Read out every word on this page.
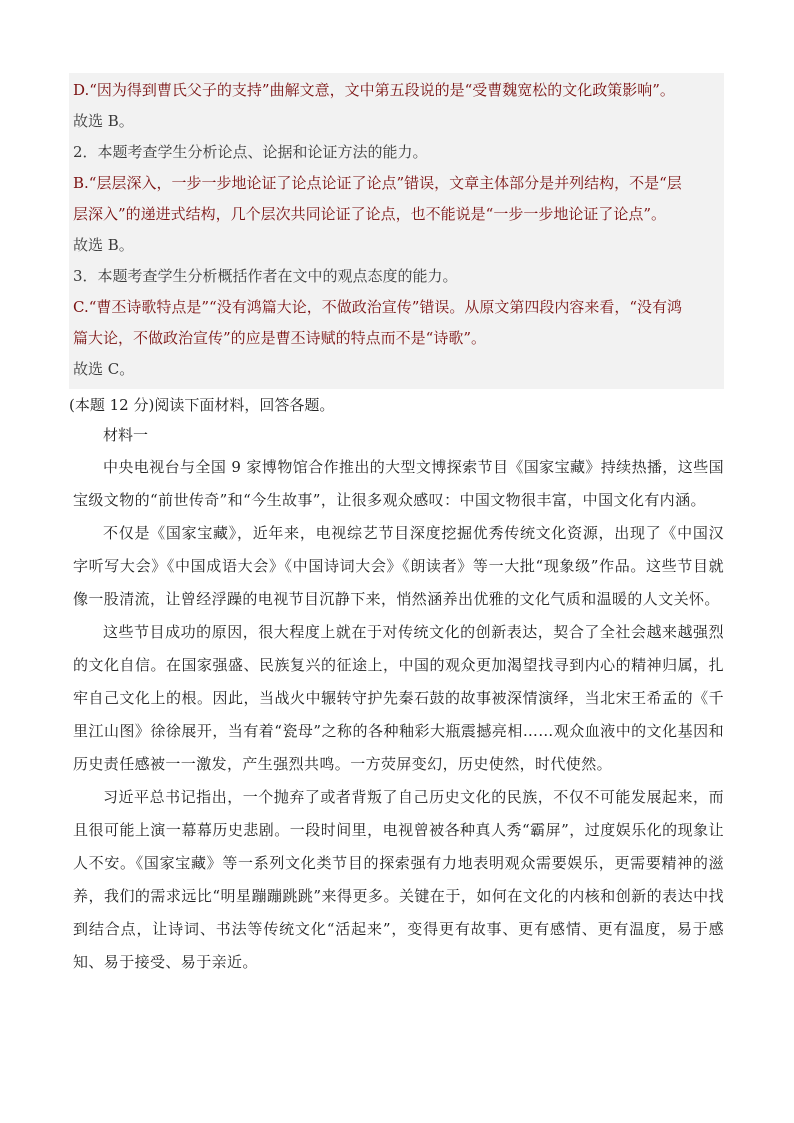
D.“因为得到曹氏父子的支持”曲解文意，文中第五段说的是“受曹魏宽松的文化政策影响”。
故选 B。
2．本题考查学生分析论点、论据和论证方法的能力。
B.“层层深入，一步一步地论证了论点论证了论点”错误，文章主体部分是并列结构，不是“层
层深入”的递进式结构，几个层次共同论证了论点，也不能说是“一步一步地论证了论点”。
故选 B。
3．本题考查学生分析概括作者在文中的观点态度的能力。
C.“曹丕诗歌特点是”“没有鸿篇大论，不做政治宣传”错误。从原文第四段内容来看，“没有鸿
篇大论，不做政治宣传”的应是曹丕诗赋的特点而不是“诗歌”。
故选 C。
(本题 12 分)阅读下面材料，回答各题。
材料一

中央电视台与全国 9 家博物馆合作推出的大型文博探索节目《国家宝藏》持续热播，这些国宝级文物的“前世传奇”和“今生故事”，让很多观众感叹：中国文物很丰富，中国文化有内涵。

不仅是《国家宝藏》，近年来，电视综艺节目深度挖掘优秀传统文化资源，出现了《中国汉字听写大会》《中国成语大会》《中国诗词大会》《朗读者》等一大批“现象级”作品。这些节目就像一股清流，让曾经浮躁的电视节目沉静下来，悄然涵养出优雅的文化气质和温暖的人文关怀。

这些节目成功的原因，很大程度上就在于对传统文化的创新表达，契合了全社会越来越强烈的文化自信。在国家强盛、民族复兴的征途上，中国的观众更加渴望找寻到内心的精神归属，扎牢自己文化上的根。因此，当战火中辗转守护先秦石鼓的故事被深情演绎，当北宋王希孟的《千里江山图》徐徐展开，当有着“瓷母”之称的各种釉彩大瓶震撼亮相……观众血液中的文化基因和历史责任感被一一激发，产生强烈共鸣。一方荧屏变幻，历史使然，时代使然。

习近平总书记指出，一个抛弃了或者背叛了自己历史文化的民族，不仅不可能发展起来，而且很可能上演一幕幕历史悲剧。一段时间里，电视曾被各种真人秀“霸屏”，过度娱乐化的现象让人不安。《国家宝藏》等一系列文化类节目的探索强有力地表明观众需要娱乐，更需要精神的滋养，我们的需求远比“明星蹦蹦跳跳”来得更多。关键在于，如何在文化的内核和创新的表达中找到结合点，让诗词、书法等传统文化“活起来”，变得更有故事、更有感情、更有温度，易于感知、易于接受、易于亲近。
